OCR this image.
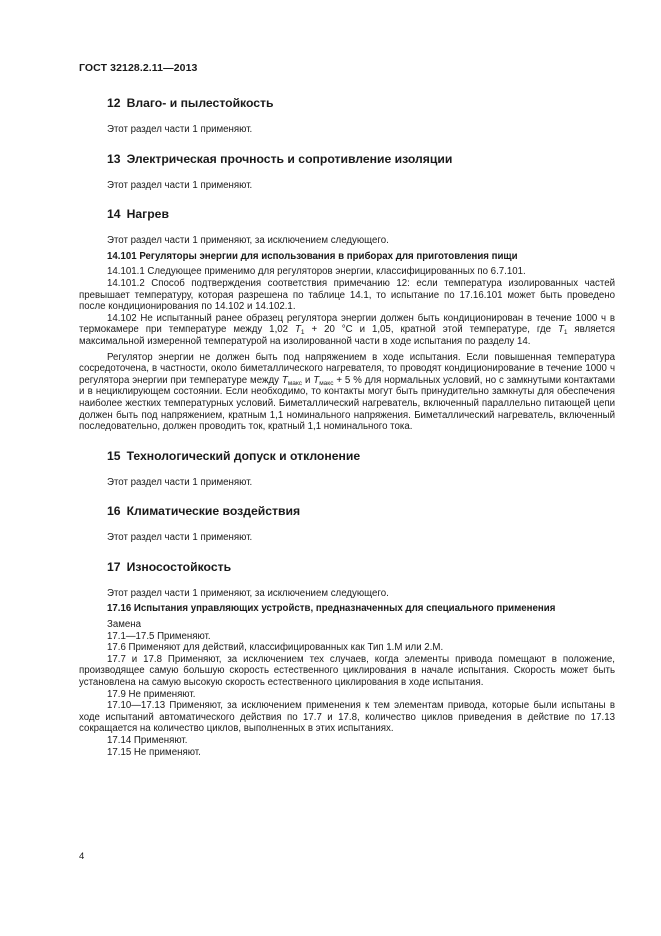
ГОСТ 32128.2.11—2013
12 Влаго- и пылестойкость

Этот раздел части 1 применяют.

13 Электрическая прочность и сопротивление изоляции

Этот раздел части 1 применяют.

14 Нагрев

Этот раздел части 1 применяют, за исключением следующего.

14.101 Регуляторы энергии для использования в приборах для приготовления пищи

14.101.1 Следующее применимо для регуляторов энергии, классифицированных по 6.7.101.

14.101.2 Способ подтверждения соответствия примечанию 12: если температура изолированных частей превышает температуру, которая разрешена по таблице 14.1, то испытание по 17.16.101 может быть проведено после кондиционирования по 14.102 и 14.102.1.

14.102 Не испытанный ранее образец регулятора энергии должен быть кондиционирован в течение 1000 ч в термокамере при температуре между 1,02 $T_1 + 20$ °С и 1,05, кратной этой температуре, где $T_1$ является максимальной измеренной температурой на изолированной части в ходе испытания по разделу 14.

Регулятор энергии не должен быть под напряжением в ходе испытания. Если повышенная температура сосредоточена, в частности, около биметаллического нагревателя, то проводят кондиционирование в течение 1000 ч регулятора энергии при температуре между $T_{макс}$ и $T_{макс} + 5$ % для нормальных условий, но с замкнутыми контактами и в нециклирующем состоянии. Если необходимо, то контакты могут быть принудительно замкнуты для обеспечения наиболее жестких температурных условий. Биметаллический нагреватель, включенный параллельно питающей цепи должен быть под напряжением, кратным 1,1 номинального напряжения. Биметаллический нагреватель, включенный последовательно, должен проводить ток, кратный 1,1 номинального тока.

15 Технологический допуск и отклонение

Этот раздел части 1 применяют.

16 Климатические воздействия

Этот раздел части 1 применяют.

17 Износостойкость

Этот раздел части 1 применяют, за исключением следующего.

17.16 Испытания управляющих устройств, предназначенных для специального применения

Замена

17.1—17.5 Применяют.

17.6 Применяют для действий, классифицированных как Тип 1.М или 2.М.

17.7 и 17.8 Применяют, за исключением тех случаев, когда элементы привода помещают в положение, производящее самую большую скорость естественного циклирования в начале испытания. Скорость может быть установлена на самую высокую скорость естественного циклирования в ходе испытания.

17.9 Не применяют.

17.10—17.13 Применяют, за исключением применения к тем элементам привода, которые были испытаны в ходе испытаний автоматического действия по 17.7 и 17.8, количество циклов приведения в действие по 17.13 сокращается на количество циклов, выполненных в этих испытаниях.

17.14 Применяют.

17.15 Не применяют.

4
